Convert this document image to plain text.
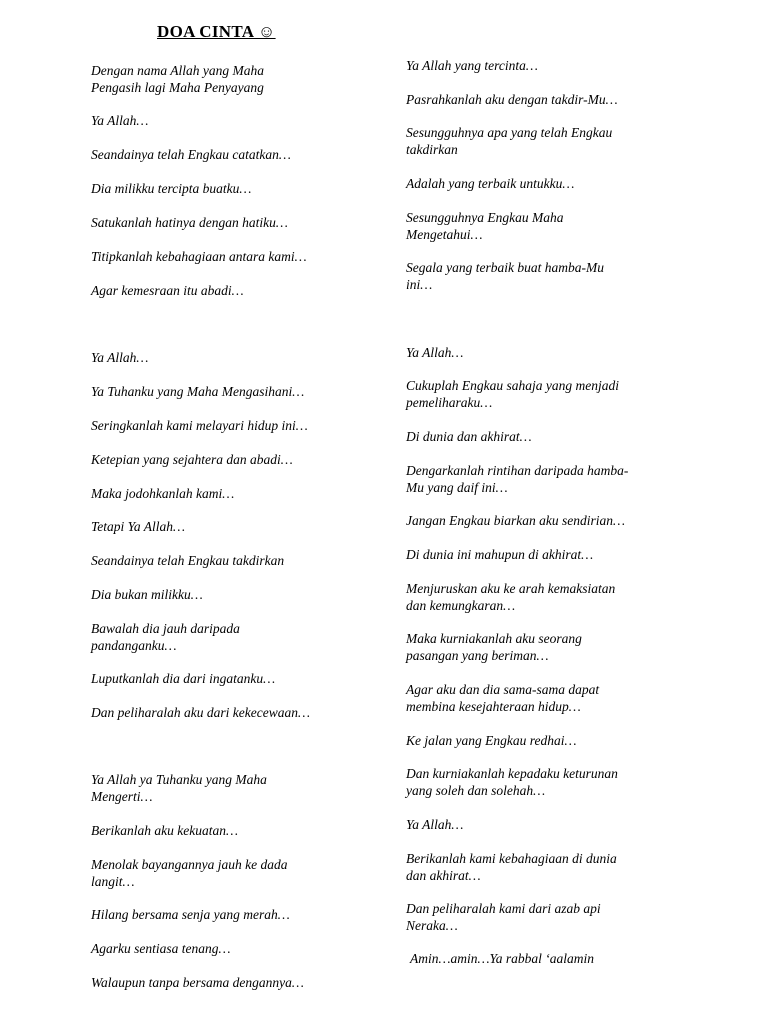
DOA CINTA ☺
Dengan nama Allah yang Maha
Pengasih lagi Maha Penyayang
Ya Allah…
Seandainya telah Engkau catatkan…
Dia milikku tercipta buatku…
Satukanlah hatinya dengan hatiku…
Titipkanlah kebahagiaan antara kami…
Agar kemesraan itu abadi…
Ya Allah…
Ya Tuhanku yang Maha Mengasihani…
Seringkanlah kami melayari hidup ini…
Ketepian yang sejahtera dan abadi…
Maka jodohkanlah kami…
Tetapi Ya Allah…
Seandainya telah Engkau takdirkan
Dia bukan milikku…
Bawalah dia jauh daripada
pandanganku…
Luputkanlah dia dari ingatanku…
Dan peliharalah aku dari kekecewaan…
Ya Allah ya Tuhanku yang Maha
Mengerti…
Berikanlah aku kekuatan…
Menolak bayangannya jauh ke dada
langit…
Hilang bersama senja yang merah…
Agarku sentiasa tenang…
Walaupun tanpa bersama dengannya…
Ya Allah yang tercinta…
Pasrahkanlah aku dengan takdir-Mu…
Sesungguhnya apa yang telah Engkau
takdirkan
Adalah yang terbaik untukku…
Sesungguhnya Engkau Maha
Mengetahui…
Segala yang terbaik buat hamba-Mu
ini…
Ya Allah…
Cukuplah Engkau sahaja yang menjadi
pemeliharaku…
Di dunia dan akhirat…
Dengarkanlah rintihan daripada hamba-
Mu yang daif ini…
Jangan Engkau biarkan aku sendirian…
Di dunia ini mahupun di akhirat…
Menjuruskan aku ke arah kemaksiatan
dan kemungkaran…
Maka kurniakanlah aku seorang
pasangan yang beriman…
Agar aku dan dia sama-sama dapat
membina kesejahteraan hidup…
Ke jalan yang Engkau redhai…
Dan kurniakanlah kepadaku keturunan
yang soleh dan solehah…
Ya Allah…
Berikanlah kami kebahagiaan di dunia
dan akhirat…
Dan peliharalah kami dari azab api
Neraka…
Amin…amin…Ya rabbal ‘aalamin
